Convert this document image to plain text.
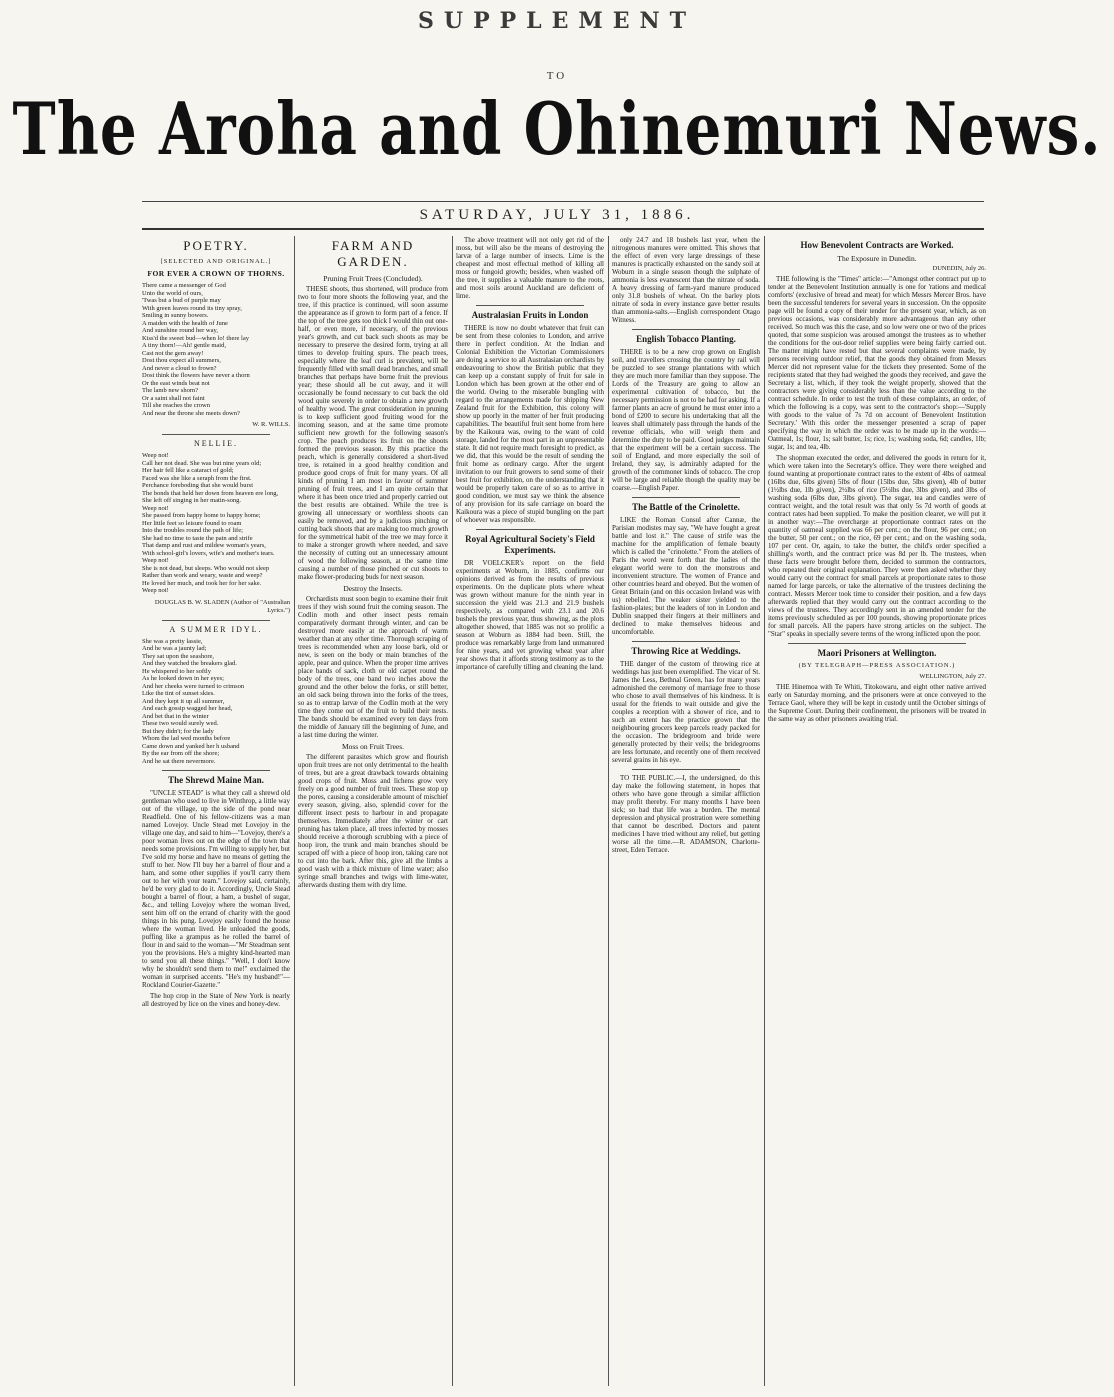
SUPPLEMENT
TO
The Aroha and Ohinemuri News.
SATURDAY, JULY 31, 1886.
POETRY.
[SELECTED AND ORIGINAL.]
FOR EVER A CROWN OF THORNS.
There came a messenger of God
Unto the world of ours,
'Twas but a bud of purple may
With green leaves round its tiny spray,
Smiling in sunny bowers.
A maiden with the health of June
And sunshine round her way,
Kiss'd the sweet bud—when lo! there lay
A tiny thorn!—Ah! gentle maid,
Cast not the gem away!
Dost thou expect all summers,
And never a cloud to frown?
Dost think the flowers have never a thorn
Or the east winds beat not
The lamb new shorn?
Or a saint shall not faint
Till she reaches the crown
And near the throne she meets down?
W. R. WILLS.
NELLIE.
Weep not!
Call her not dead. She was but nine years old;
Her hair fell like a cataract of gold;
Faced was she like a seraph from the first.
Perchance foreboding that she would burst
The bonds that held her down from heaven ere long,
She left off singing in her matin-song.
Weep not!
She passed from happy home to happy home;
Her little feet so leisure found to roam
Into the troubles round the path of life;
She had no time to taste the pain and strife
That damp and rust and mildew woman's years,
With school-girl's lovers, wife's and mother's tears.
Weep not!
She is not dead, but sleeps. Who would not sleep
Rather than work and weary, waste and weep?
He loved her much, and took her for her sake.
Weep not!
DOUGLAS B. W. SLADEN (Author of "Australian Lyrics.")
A SUMMER IDYL.
She was a pretty lassie,
And he was a jaunty lad;
They sat upon the seashore,
And they watched the breakers glad.
He whispered to her softly
As he looked down in her eyes;
And her cheeks were turned to crimson
Like the tint of sunset skies.
And they kept it up all summer,
And each gossip wagged her head,
And bet that in the winter
These two would surely wed.
But they didn't; for the lady
Whom the lad wed months before
Came down and yanked her h usband
By the ear from off the shore;
And he sat there nevermore.
The Shrewd Maine Man.

"UNCLE STEAD" is what they call a shrewd old gentleman who used to live in Winthrop, a little way out of the village, up the side of the pond near Readfield. One of his fellow-citizens was a man named Lovejoy. Uncle Stead met Lovejoy in the village one day, and said to him—"Lovejoy, there's a poor woman lives out on the edge of the town that needs some provisions. I'm willing to supply her, but I've sold my horse and have no means of getting the stuff to her. Now I'll buy her a barrel of flour and a ham, and some other supplies if you'll carry them out to her with your team." Lovejoy said, certainly, he'd be very glad to do it. Accordingly, Uncle Stead bought a barrel of flour, a ham, a bushel of sugar, &c., and telling Lovejoy where the woman lived, sent him off on the errand of charity with the good things in his pung. Lovejoy easily found the house where the woman lived. He unloaded the goods, puffing like a grampus as he rolled the barrel of flour in and said to the woman—"Mr Steadman sent you the provisions. He's a mighty kind-hearted man to send you all these things." "Well, I don't know why he shouldn't send them to me!" exclaimed the woman in surprised accents. "He's my husband!"—Rockland Courier-Gazette."

The hop crop in the State of New York is nearly all destroyed by lice on the vines and honey-dew.

FARM AND GARDEN.
Pruning Fruit Trees (Concluded).

THESE shoots, thus shortened, will produce from two to four more shoots the following year, and the tree, if this practice is continued, will soon assume the appearance as if grown to form part of a fence. If the top of the tree gets too thick I would thin out one-half, or even more, if necessary, of the previous year's growth, and cut back such shoots as may be necessary to preserve the desired form, trying at all times to develop fruiting spurs. The peach trees, especially where the leaf curl is prevalent, will be frequently filled with small dead branches, and small branches that perhaps have borne fruit the previous year; these should all be cut away, and it will occasionally be found necessary to cut back the old wood quite severely in order to obtain a new growth of healthy wood. The great consideration in pruning is to keep sufficient good fruiting wood for the incoming season, and at the same time promote sufficient new growth for the following season's crop. The peach produces its fruit on the shoots formed the previous season. By this practice the peach, which is generally considered a short-lived tree, is retained in a good healthy condition and produce good crops of fruit for many years. Of all kinds of pruning I am most in favour of summer pruning of fruit trees, and I am quite certain that where it has been once tried and properly carried out the best results are obtained. While the tree is growing all unnecessary or worthless shoots can easily be removed, and by a judicious pinching or cutting back shoots that are making too much growth for the symmetrical habit of the tree we may force it to make a stronger growth where needed, and save the necessity of cutting out an unnecessary amount of wood the following season, at the same time causing a number of those pinched or cut shoots to make flower-producing buds for next season.

Destroy the Insects.

Orchardists must soon begin to examine their fruit trees if they wish sound fruit the coming season. The Codlin moth and other insect pests remain comparatively dormant through winter, and can be destroyed more easily at the approach of warm weather than at any other time. Thorough scraping of trees is recommended when any loose bark, old or new, is seen on the body or main branches of the apple, pear and quince. When the proper time arrives place bands of sack, cloth or old carpet round the body of the trees, one band two inches above the ground and the other below the forks, or still better, an old sack being thrown into the forks of the trees, so as to entrap larvæ of the Codlin moth at the very time they come out of the fruit to build their nests. The bands should be examined every ten days from the middle of January till the beginning of June, and a last time during the winter.

Moss on Fruit Trees.

The different parasites which grow and flourish upon fruit trees are not only detrimental to the health of trees, but are a great drawback towards obtaining good crops of fruit. Moss and lichens grow very freely on a good number of fruit trees. These stop up the pores, causing a considerable amount of mischief every season, giving, also, splendid cover for the different insect pests to harbour in and propagate themselves. Immediately after the winter or cart pruning has taken place, all trees infected by mosses should receive a thorough scrubbing with a piece of hoop iron, the trunk and main branches should be scraped off with a piece of hoop iron, taking care not to cut into the bark. After this, give all the limbs a good wash with a thick mixture of lime water; also syringe small branches and twigs with lime-water, afterwards dusting them with dry lime.

The above treatment will not only get rid of the moss, but will also be the means of destroying the larvæ of a large number of insects. Lime is the cheapest and most effectual method of killing all moss or fungoid growth; besides, when washed off the tree, it supplies a valuable manure to the roots, and most soils around Auckland are deficient of lime.

Australasian Fruits in London

THERE is now no doubt whatever that fruit can be sent from these colonies to London, and arrive there in perfect condition. At the Indian and Colonial Exhibition the Victorian Commissioners are doing a service to all Australasian orchardists by endeavouring to show the British public that they can keep up a constant supply of fruit for sale in London which has been grown at the other end of the world. Owing to the miserable bungling with regard to the arrangements made for shipping New Zealand fruit for the Exhibition, this colony will show up poorly in the matter of her fruit producing capabilities. The beautiful fruit sent home from here by the Kaikoura was, owing to the want of cold storage, landed for the most part in an unpresentable state. It did not require much foresight to predict, as we did, that this would be the result of sending the fruit home as ordinary cargo. After the urgent invitation to our fruit growers to send some of their best fruit for exhibition, on the understanding that it would be properly taken care of so as to arrive in good condition, we must say we think the absence of any provision for its safe carriage on board the Kaikoura was a piece of stupid bungling on the part of whoever was responsible.

Royal Agricultural Society's Field Experiments.

DR VOELCKER's report on the field experiments at Woburn, in 1885, confirms our opinions derived as from the results of previous experiments. On the duplicate plots where wheat was grown without manure for the ninth year in succession the yield was 21.3 and 21.9 bushels respectively, as compared with 23.1 and 20.6 bushels the previous year, thus showing, as the plots altogether showed, that 1885 was not so prolific a season at Woburn as 1884 had been. Still, the produce was remarkably large from land unmanured for nine years, and yet growing wheat year after year shows that it affords strong testimony as to the importance of carefully tilling and cleaning the land.

only 24.7 and 18 bushels last year, when the nitrogenous manures were omitted. This shows that the effect of even very large dressings of these manures is practically exhausted on the sandy soil at Woburn in a single season though the sulphate of ammonia is less evanescent than the nitrate of soda. A heavy dressing of farm-yard manure produced only 31.8 bushels of wheat. On the barley plots nitrate of soda in every instance gave better results than ammonia-salts.—English correspondent Otago Witness.

English Tobacco Planting.

THERE is to be a new crop grown on English soil, and travellers crossing the country by rail will be puzzled to see strange plantations with which they are much more familiar than they suppose. The Lords of the Treasury are going to allow an experimental cultivation of tobacco, but the necessary permission is not to be had for asking. If a farmer plants an acre of ground he must enter into a bond of £200 to secure his undertaking that all the leaves shall ultimately pass through the hands of the revenue officials, who will weigh them and determine the duty to be paid. Good judges maintain that the experiment will be a certain success. The soil of England, and more especially the soil of Ireland, they say, is admirably adapted for the growth of the commoner kinds of tobacco. The crop will be large and reliable though the quality may be coarse.—English Paper.

The Battle of the Crinolette.

LIKE the Roman Consul after Cannæ, the Parisian modistes may say, "We have fought a great battle and lost it." The cause of strife was the machine for the amplification of female beauty which is called the "crinolette." From the ateliers of Paris the word went forth that the ladies of the elegant world were to don the monstrous and inconvenient structure. The women of France and other countries heard and obeyed. But the women of Great Britain (and on this occasion Ireland was with us) rebelled. The weaker sister yielded to the fashion-plates; but the leaders of ton in London and Dublin snapped their fingers at their milliners and declined to make themselves hideous and uncomfortable.

Throwing Rice at Weddings.

THE danger of the custom of throwing rice at weddings has just been exemplified. The vicar of St. James the Less, Bethnal Green, has for many years admonished the ceremony of marriage free to those who chose to avail themselves of his kindness. It is usual for the friends to wait outside and give the couples a reception with a shower of rice, and to such an extent has the practice grown that the neighbouring grocers keep parcels ready packed for the occasion. The bridegroom and bride were generally protected by their veils; the bridegrooms are less fortunate, and recently one of them received several grains in his eye.

TO THE PUBLIC.—I, the undersigned, do this day make the following statement, in hopes that others who have gone through a similar affliction may profit thereby. For many months I have been sick; so bad that life was a burden. The mental depression and physical prostration were something that cannot be described. Doctors and patent medicines I have tried without any relief, but getting worse all the time.—R. ADAMSON, Charlotte-street, Eden Terrace.

How Benevolent Contracts are Worked.
The Exposure in Dunedin.
DUNEDIN, July 26.

THE following is the "Times" article:—"Amongst other contract put up to tender at the Benevolent Institution annually is one for 'rations and medical comforts' (exclusive of bread and meat) for which Messrs Mercer Bros. have been the successful tenderers for several years in succession. On the opposite page will be found a copy of their tender for the present year, which, as on previous occasions, was considerably more advantageous than any other received. So much was this the case, and so low were one or two of the prices quoted, that some suspicion was aroused amongst the trustees as to whether the conditions for the out-door relief supplies were being fairly carried out. The matter might have rested but that several complaints were made, by persons receiving outdoor relief, that the goods they obtained from Messrs Mercer did not represent value for the tickets they presented. Some of the recipients stated that they had weighed the goods they received, and gave the Secretary a list, which, if they took the weight properly, showed that the contractors were giving considerably less than the value according to the contract schedule. In order to test the truth of these complaints, an order, of which the following is a copy, was sent to the contractor's shop:—'Supply with goods to the value of 7s 7d on account of Benevolent Institution Secretary.' With this order the messenger presented a scrap of paper specifying the way in which the order was to be made up in the words:—Oatmeal, 1s; flour, 1s; salt butter, 1s; rice, 1s; washing soda, 6d; candles, 1lb; sugar, 1s; and tea, 4lb.

The shopman executed the order, and delivered the goods in return for it, which were taken into the Secretary's office. They were there weighed and found wanting at proportionate contract rates to the extent of 4lbs of oatmeal (16lbs due, 6lbs given) 5lbs of flour (15lbs due, 5lbs given), 4lb of butter (1½lbs due, 1lb given), 2½lbs of rice (5½lbs due, 3lbs given), and 3lbs of washing soda (6lbs due, 3lbs given). The sugar, tea and candles were of contract weight, and the total result was that only 5s 7d worth of goods at contract rates had been supplied. To make the position clearer, we will put it in another way:—The overcharge at proportionate contract rates on the quantity of oatmeal supplied was 66 per cent.; on the flour, 96 per cent.; on the butter, 50 per cent.; on the rice, 69 per cent.; and on the washing soda, 107 per cent. Or, again, to take the butter, the child's order specified a shilling's worth, and the contract price was 8d per lb. The trustees, when these facts were brought before them, decided to summon the contractors, who repeated their original explanation. They were then asked whether they would carry out the contract for small parcels at proportionate rates to those named for large parcels, or take the alternative of the trustees declining the contract. Messrs Mercer took time to consider their position, and a few days afterwards replied that they would carry out the contract according to the views of the trustees. They accordingly sent in an amended tender for the items previously scheduled as per 100 pounds, showing proportionate prices for small parcels. All the papers have strong articles on the subject. The "Star" speaks in specially severe terms of the wrong inflicted upon the poor.

Maori Prisoners at Wellington.
(BY TELEGRAPH—PRESS ASSOCIATION.)
WELLINGTON, July 27.

THE Hinemoa with Te Whiti, Titokowaru, and eight other native arrived early on Saturday morning, and the prisoners were at once conveyed to the Terrace Gaol, where they will be kept in custody until the October sittings of the Supreme Court. During their confinement, the prisoners will be treated in the same way as other prisoners awaiting trial.
